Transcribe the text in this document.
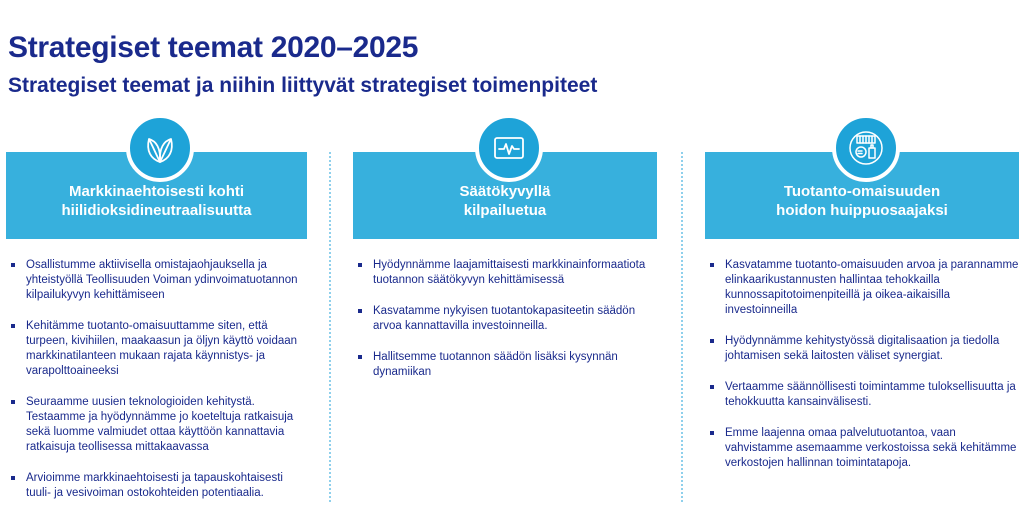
Strategiset teemat 2020–2025
Strategiset teemat ja niihin liittyvät strategiset toimenpiteet
Markkinaehtoisesti kohti
hiilidioksidineutraalisuutta
Osallistumme aktiivisella omistajaohjauksella ja yhteistyöllä Teollisuuden Voiman ydinvoimatuotannon kilpailukyvyn kehittämiseen
Kehitämme tuotanto-omaisuuttamme siten, että turpeen, kivihiilen, maakaasun ja öljyn käyttö voidaan markkinatilanteen mukaan rajata käynnistys- ja varapolttoaineeksi
Seuraamme uusien teknologioiden kehitystä. Testaamme ja hyödynnämme jo koeteltuja ratkaisuja sekä luomme valmiudet ottaa käyttöön kannattavia ratkaisuja teollisessa mittakaavassa
Arvioimme markkinaehtoisesti ja tapauskohtaisesti tuuli- ja vesivoiman ostokohteiden potentiaalia.
Säätökyvyllä
kilpailuetua
Hyödynnämme laajamittaisesti markkinainformaatiota tuotannon säätökyvyn kehittämisessä
Kasvatamme nykyisen tuotantokapasiteetin säädön arvoa kannattavilla investoinneilla.
Hallitsemme tuotannon säädön lisäksi kysynnän dynamiikan
Tuotanto-omaisuuden
hoidon huippuosaajaksi
Kasvatamme tuotanto-omaisuuden arvoa ja parannamme elinkaarikustannusten hallintaa tehokkailla kunnossapitotoimenpiteillä ja oikea-aikaisilla investoinneilla
Hyödynnämme kehitystyössä digitalisaation ja tiedolla johtamisen sekä laitosten väliset synergiat.
Vertaamme säännöllisesti toimintamme tuloksellisuutta ja tehokkuutta kansainvälisesti.
Emme laajenna omaa palvelutuotantoa, vaan vahvistamme asemaamme verkostoissa sekä kehitämme verkostojen hallinnan toimintatapoja.
